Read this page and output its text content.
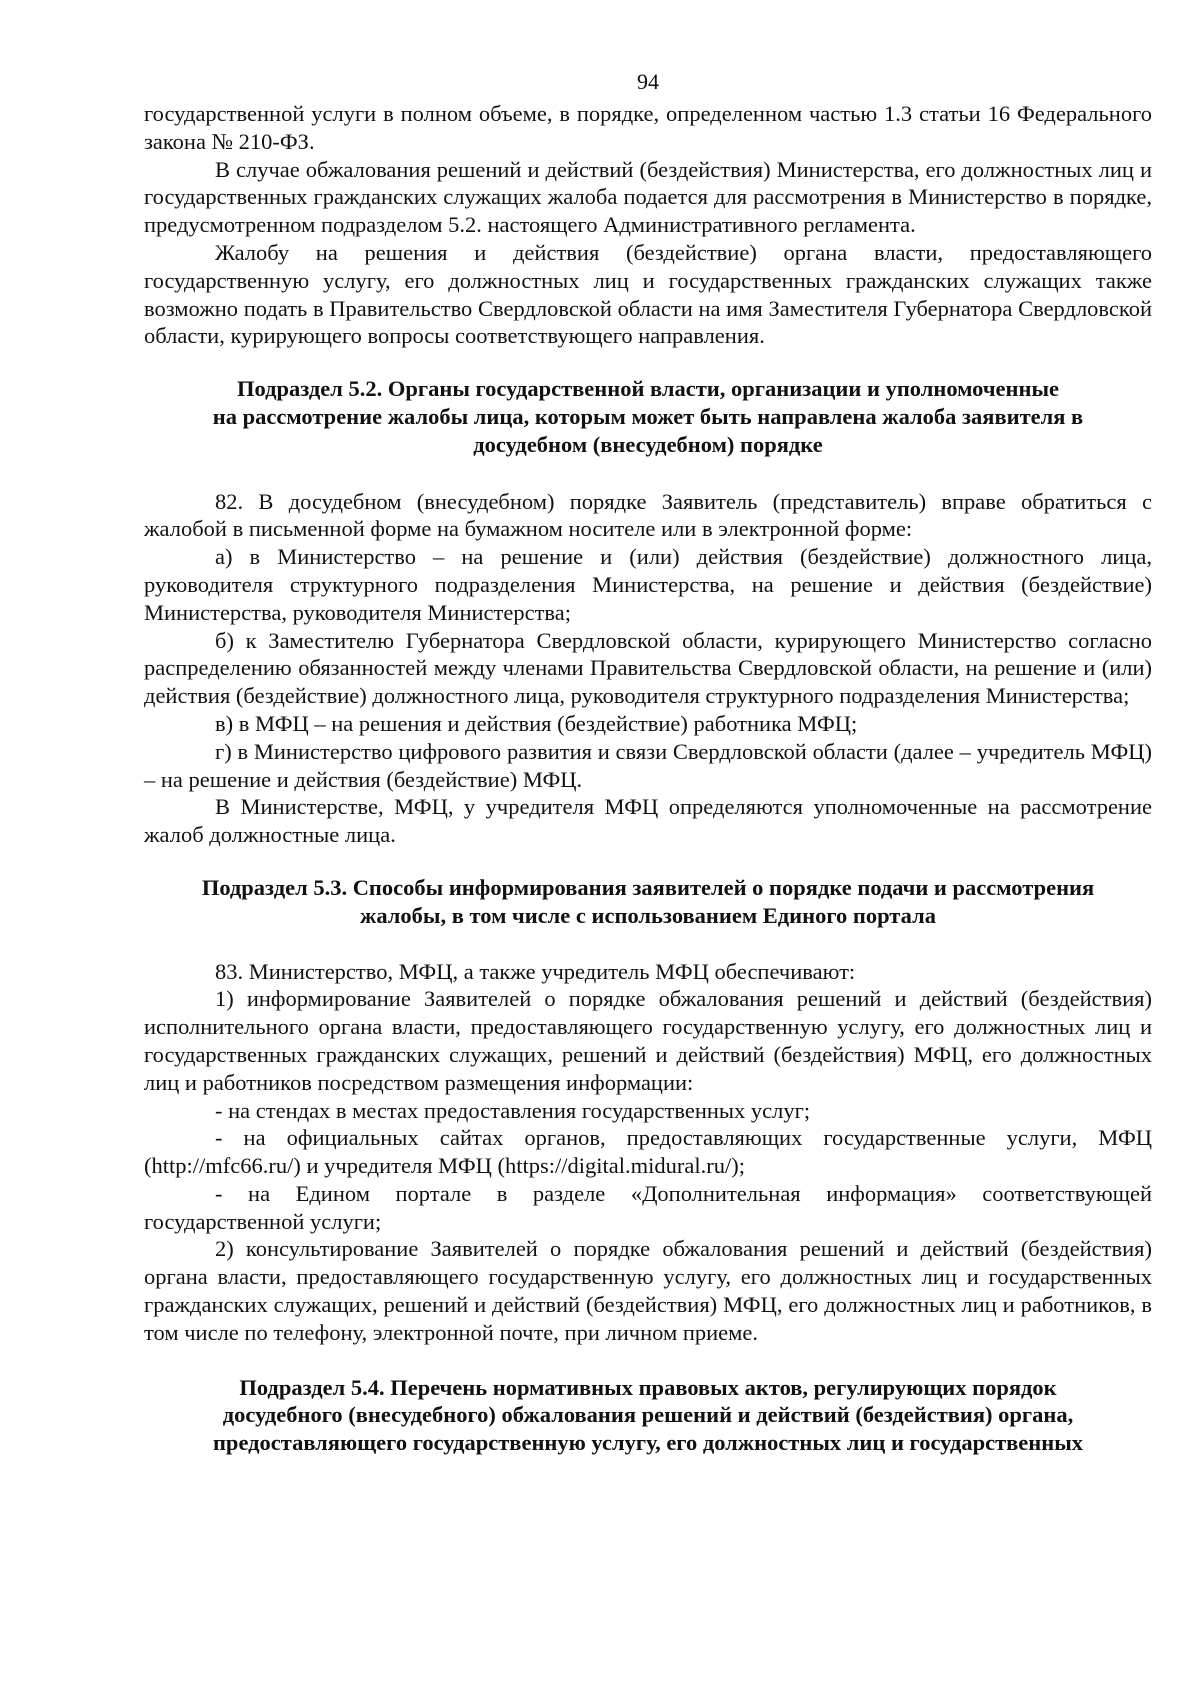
94

государственной услуги в полном объеме, в порядке, определенном частью 1.3 статьи 16 Федерального закона № 210-ФЗ.

В случае обжалования решений и действий (бездействия) Министерства, его должностных лиц и государственных гражданских служащих жалоба подается для рассмотрения в Министерство в порядке, предусмотренном подразделом 5.2. настоящего Административного регламента.

Жалобу на решения и действия (бездействие) органа власти, предоставляющего государственную услугу, его должностных лиц и государственных гражданских служащих также возможно подать в Правительство Свердловской области на имя Заместителя Губернатора Свердловской области, курирующего вопросы соответствующего направления.

Подраздел 5.2. Органы государственной власти, организации и уполномоченные
на рассмотрение жалобы лица, которым может быть направлена жалоба заявителя в
досудебном (внесудебном) порядке

82. В досудебном (внесудебном) порядке Заявитель (представитель) вправе обратиться с жалобой в письменной форме на бумажном носителе или в электронной форме:

а) в Министерство – на решение и (или) действия (бездействие) должностного лица, руководителя структурного подразделения Министерства, на решение и действия (бездействие) Министерства, руководителя Министерства;

б) к Заместителю Губернатора Свердловской области, курирующего Министерство согласно распределению обязанностей между членами Правительства Свердловской области, на решение и (или) действия (бездействие) должностного лица, руководителя структурного подразделения Министерства;

в) в МФЦ – на решения и действия (бездействие) работника МФЦ;

г) в Министерство цифрового развития и связи Свердловской области (далее – учредитель МФЦ) – на решение и действия (бездействие) МФЦ.

В Министерстве, МФЦ, у учредителя МФЦ определяются уполномоченные на рассмотрение жалоб должностные лица.

Подраздел 5.3. Способы информирования заявителей о порядке подачи и рассмотрения
жалобы, в том числе с использованием Единого портала

83. Министерство, МФЦ, а также учредитель МФЦ обеспечивают:

1) информирование Заявителей о порядке обжалования решений и действий (бездействия) исполнительного органа власти, предоставляющего государственную услугу, его должностных лиц и государственных гражданских служащих, решений и действий (бездействия) МФЦ, его должностных лиц и работников посредством размещения информации:

- на стендах в местах предоставления государственных услуг;

- на официальных сайтах органов, предоставляющих государственные услуги, МФЦ (http://mfc66.ru/) и учредителя МФЦ (https://digital.midural.ru/);

- на Едином портале в разделе «Дополнительная информация» соответствующей государственной услуги;

2) консультирование Заявителей о порядке обжалования решений и действий (бездействия) органа власти, предоставляющего государственную услугу, его должностных лиц и государственных гражданских служащих, решений и действий (бездействия) МФЦ, его должностных лиц и работников, в том числе по телефону, электронной почте, при личном приеме.

Подраздел 5.4. Перечень нормативных правовых актов, регулирующих порядок
досудебного (внесудебного) обжалования решений и действий (бездействия) органа,
предоставляющего государственную услугу, его должностных лиц и государственных
